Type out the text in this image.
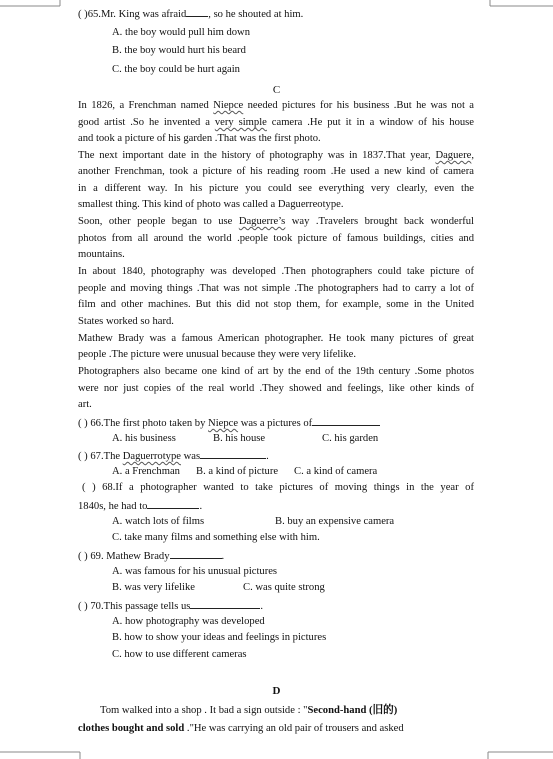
( )65.Mr. King was afraid , so he shouted at him.
A. the boy would pull him down
B. the boy would hurt his beard
C. the boy could be hurt again
C
In 1826, a Frenchman named Niepce needed pictures for his business .But he was not a
good artist .So he invented a very simple camera .He put it in a window of his house
and took a picture of his garden .That was the first photo.
The next important date in the history of photography was in 1837.That year, Daguere,
another Frenchman, took a picture of his reading room .He used a new kind of camera
in a different way. In his picture you could see everything very clearly, even the
smallest thing. This kind of photo was called a Daguerreotype.
Soon, other people began to use Daguerre’s way .Travelers brought back wonderful
photos from all around the world .people took picture of famous buildings, cities and
mountains.
In about 1840, photography was developed .Then photographers could take picture of
people and moving things .That was not simple .The photographers had to carry a lot of
film and other machines. But this did not stop them, for example, some in the United
States worked so hard.
Mathew Brady was a famous American photographer. He took many pictures of great
people .The picture were unusual because they were very lifelike.
Photographers also became one kind of art by the end of the 19th century .Some photos
were nor just copies of the real world .They showed and feelings, like other kinds of
art.
( ) 66.The first photo taken by Niepce was a pictures of
A. his business	B. his house	C. his garden
( ) 67.The Daguerrotype was	.
A. a Frenchman B. a kind of picture C. a kind of camera
( ) 68.If a photographer wanted to take pictures of moving things in the year of
1840s, he had to	.
A. watch lots of films	B. buy an expensive camera
C. take many films and something else with him.
( ) 69. Mathew Brady	.
A. was famous for his unusual pictures
B. was very lifelike	C. was quite strong
( ) 70.This passage tells us	.
A. how photography was developed
B. how to show your ideas and feelings in pictures
C. how to use different cameras
D
Tom walked into a shop . It bad a sign outside : "Second-hand (旧的)
clothes bought and sold ."He was carrying an old pair of trousers and asked
